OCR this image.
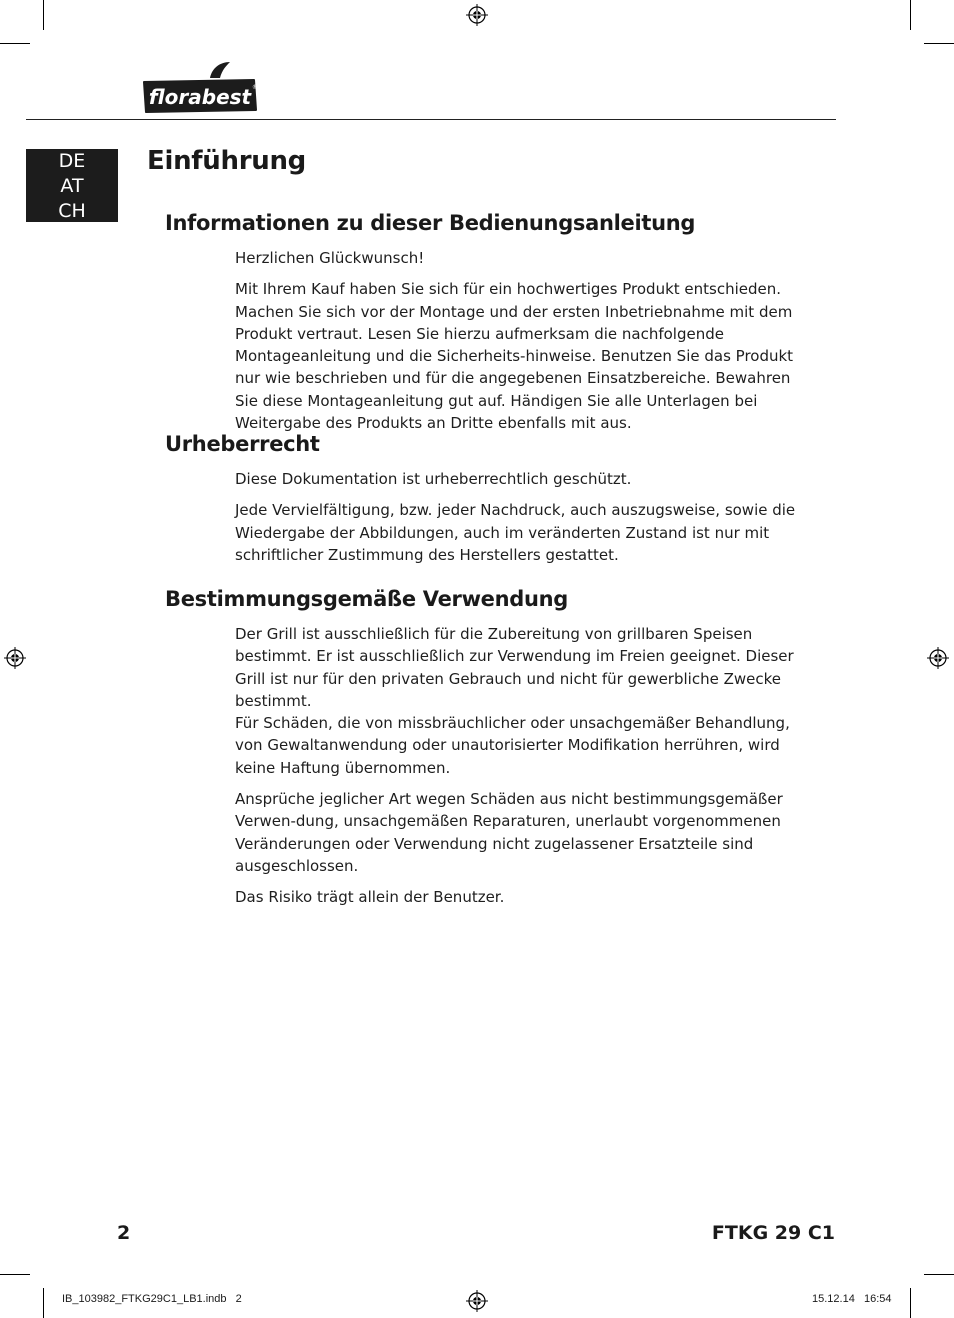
florabest ®
DE
AT
CH
Einführung
Informationen zu dieser Bedienungsanleitung

Herzlichen Glückwunsch!

Mit Ihrem Kauf haben Sie sich für ein hochwertiges Produkt entschieden. Machen Sie sich vor der Montage und der ersten Inbetriebnahme mit dem Produkt vertraut. Lesen Sie hierzu aufmerksam die nachfolgende Montageanleitung und die Sicherheits-hinweise. Benutzen Sie das Produkt nur wie beschrieben und für die angegebenen Einsatzbereiche. Bewahren Sie diese Montageanleitung gut auf. Händigen Sie alle Unterlagen bei Weitergabe des Produkts an Dritte ebenfalls mit aus.

Urheberrecht

Diese Dokumentation ist urheberrechtlich geschützt.

Jede Vervielfältigung, bzw. jeder Nachdruck, auch auszugsweise, sowie die Wiedergabe der Abbildungen, auch im veränderten Zustand ist nur mit schriftlicher Zustimmung des Herstellers gestattet.

Bestimmungsgemäße Verwendung

Der Grill ist ausschließlich für die Zubereitung von grillbaren Speisen bestimmt. Er ist ausschließlich zur Verwendung im Freien geeignet. Dieser Grill ist nur für den privaten Gebrauch und nicht für gewerbliche Zwecke bestimmt.

Für Schäden, die von missbräuchlicher oder unsachgemäßer Behandlung, von Gewaltanwendung oder unautorisierter Modifikation herrühren, wird keine Haftung übernommen.

Ansprüche jeglicher Art wegen Schäden aus nicht bestimmungsgemäßer Verwen-dung, unsachgemäßen Reparaturen, unerlaubt vorgenommenen Veränderungen oder Verwendung nicht zugelassener Ersatzteile sind ausgeschlossen.

Das Risiko trägt allein der Benutzer.

2	FTKG 29 C1
IB_103982_FTKG29C1_LB1.indb   2	15.12.14   16:54
